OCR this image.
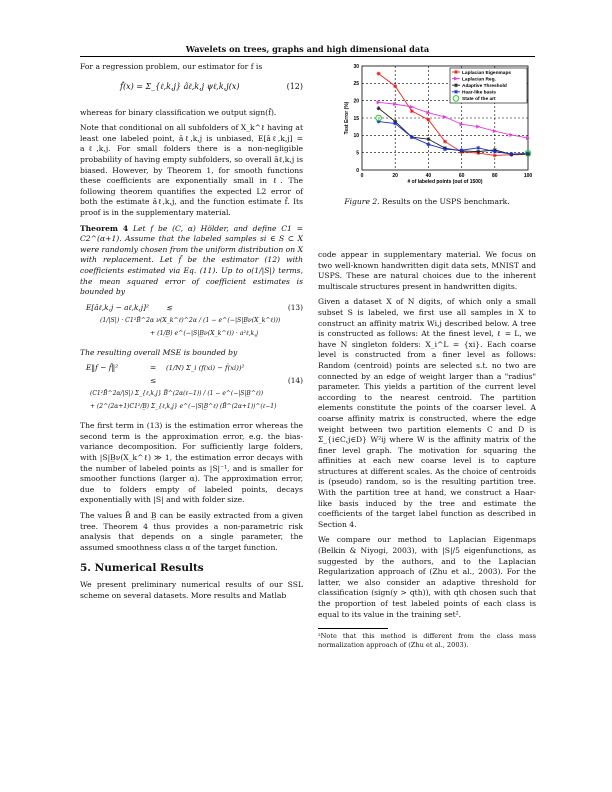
Wavelets on trees, graphs and high dimensional data

For a regression problem, our estimator for f is

f̂(x) = Σ_{ℓ,k,j} âℓ,k,j ψℓ,k,j(x)	(12)

whereas for binary classification we output sign(f̂).

Note that conditional on all subfolders of X_k^ℓ having at least one labeled point, âℓ,k,j is unbiased, E[âℓ,k,j] = aℓ,k,j. For small folders there is a non-negligible probability of having empty subfolders, so overall âℓ,k,j is biased. However, by Theorem 1, for smooth functions these coefficients are exponentially small in ℓ. The following theorem quantifies the expected L2 error of both the estimate âℓ,k,j, and the function estimate f̂. Its proof is in the supplementary material.

Theorem 4 Let f be (C, α) Hölder, and define C1 = C2^(α+1). Assume that the labeled samples si ∈ S ⊂ X were randomly chosen from the uniform distribution on X with replacement. Let f̂ be the estimator (12) with coefficients estimated via Eq. (11). Up to o(1/|S|) terms, the mean squared error of coefficient estimates is bounded by

E[âℓ,k,j − aℓ,k,j]² ≲	(13)
(1/|S|) · C1²B̄^2α ν(X_k^ℓ)^2α / (1 − e^(−|S|B̲ν(X_k^ℓ)))
+ (1/B̲) e^(−|S|B̲ν(X_k^ℓ)) · a²ℓ,k,j

The resulting overall MSE is bounded by

E‖f − f̂‖²	= (1/N) Σ_i (f(xi) − f̂(xi))²
≤	(14)
(C1²B̄^2α/|S|) Σ_{ℓ,k,j} B̄^(2α(ℓ−1)) / (1 − e^(−|S|B̲^ℓ))
+ (2^(2α+1)C1²/B̲) Σ_{ℓ,k,j} e^(−|S|B̲^ℓ) (B̄^(2α+1))^(ℓ−1)

The first term in (13) is the estimation error whereas the second term is the approximation error, e.g. the bias-variance decomposition. For sufficiently large folders, with |S|B̲ν(X_k^ℓ) ≫ 1, the estimation error decays with the number of labeled points as |S|⁻¹, and is smaller for smoother functions (larger α). The approximation error, due to folders empty of labeled points, decays exponentially with |S| and with folder size.

The values B̄ and B̲ can be easily extracted from a given tree. Theorem 4 thus provides a non-parametric risk analysis that depends on a single parameter, the assumed smoothness class α of the target function.

5. Numerical Results

We present preliminary numerical results of our SSL scheme on several datasets. More results and Matlab

0	20	40	60	80	100
0
5
10
15
20
25
30
# of labeled points (out of 1500)
Test Error (%)
Laplacian Eigenmaps
Laplacian Reg.
Adaptive Threshold
Haar-like basis
State of the art
Figure 2. Results on the USPS benchmark.

code appear in supplementary material. We focus on two well-known handwritten digit data sets, MNIST and USPS. These are natural choices due to the inherent multiscale structures present in handwritten digits.

Given a dataset X of N digits, of which only a small subset S is labeled, we first use all samples in X to construct an affinity matrix Wi,j described below. A tree is constructed as follows: At the finest level, ℓ = L, we have N singleton folders: X_i^L = {xi}. Each coarse level is constructed from a finer level as follows: Random (centroid) points are selected s.t. no two are connected by an edge of weight larger than a "radius" parameter. This yields a partition of the current level according to the nearest centroid. The partition elements constitute the points of the coarser level. A coarse affinity matrix is constructed, where the edge weight between two partition elements C and D is Σ_{i∈C,j∈D} W²ij where W is the affinity matrix of the finer level graph. The motivation for squaring the affinities at each new coarse level is to capture structures at different scales. As the choice of centroids is (pseudo) random, so is the resulting partition tree. With the partition tree at hand, we construct a Haar-like basis induced by the tree and estimate the coefficients of the target label function as described in Section 4.

We compare our method to Laplacian Eigenmaps (Belkin & Niyogi, 2003), with |S|/5 eigenfunctions, as suggested by the authors, and to the Laplacian Regularization approach of (Zhu et al., 2003). For the latter, we also consider an adaptive threshold for classification (sign(y > qth)), with qth chosen such that the proportion of test labeled points of each class is equal to its value in the training set².

²Note that this method is different from the class mass normalization approach of (Zhu et al., 2003).
